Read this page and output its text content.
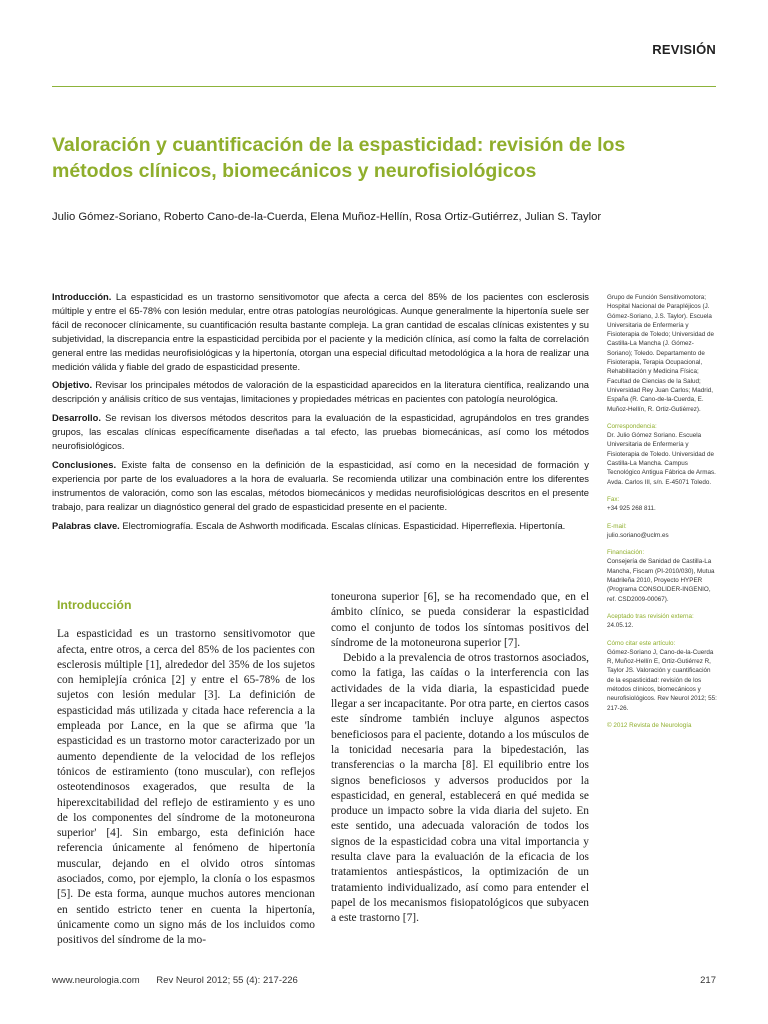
REVISIÓN
Valoración y cuantificación de la espasticidad: revisión de los métodos clínicos, biomecánicos y neurofisiológicos
Julio Gómez-Soriano, Roberto Cano-de-la-Cuerda, Elena Muñoz-Hellín, Rosa Ortiz-Gutiérrez, Julian S. Taylor

Introducción. La espasticidad es un trastorno sensitivomotor que afecta a cerca del 85% de los pacientes con esclerosis múltiple y entre el 65-78% con lesión medular, entre otras patologías neurológicas. Aunque generalmente la hipertonía suele ser fácil de reconocer clínicamente, su cuantificación resulta bastante compleja. La gran cantidad de escalas clínicas existentes y su subjetividad, la discrepancia entre la espasticidad percibida por el paciente y la medición clínica, así como la falta de correlación general entre las medidas neurofisiológicas y la hipertonía, otorgan una especial dificultad metodológica a la hora de realizar una medición válida y fiable del grado de espasticidad presente.

Objetivo. Revisar los principales métodos de valoración de la espasticidad aparecidos en la literatura científica, realizando una descripción y análisis crítico de sus ventajas, limitaciones y propiedades métricas en pacientes con patología neurológica.

Desarrollo. Se revisan los diversos métodos descritos para la evaluación de la espasticidad, agrupándolos en tres grandes grupos, las escalas clínicas específicamente diseñadas a tal efecto, las pruebas biomecánicas, así como los métodos neurofisiológicos.

Conclusiones. Existe falta de consenso en la definición de la espasticidad, así como en la necesidad de formación y experiencia por parte de los evaluadores a la hora de evaluarla. Se recomienda utilizar una combinación entre los diferentes instrumentos de valoración, como son las escalas, métodos biomecánicos y medidas neurofisiológicas descritos en el presente trabajo, para realizar un diagnóstico general del grado de espasticidad presente en el paciente.

Palabras clave. Electromiografía. Escala de Ashworth modificada. Escalas clínicas. Espasticidad. Hiperreflexia. Hipertonía.

Grupo de Función Sensitivomotora; Hospital Nacional de Parapléjicos (J. Gómez-Soriano, J.S. Taylor). Escuela Universitaria de Enfermería y Fisioterapia de Toledo; Universidad de Castilla-La Mancha (J. Gómez-Soriano); Toledo. Departamento de Fisioterapia, Terapia Ocupacional, Rehabilitación y Medicina Física; Facultad de Ciencias de la Salud; Universidad Rey Juan Carlos; Madrid, España (R. Cano-de-la-Cuerda, E. Muñoz-Hellín, R. Ortiz-Gutiérrez).
Correspondencia:
Dr. Julio Gómez Soriano. Escuela Universitaria de Enfermería y Fisioterapia de Toledo. Universidad de Castilla-La Mancha. Campus Tecnológico Antigua Fábrica de Armas. Avda. Carlos III, s/n. E-45071 Toledo.
Fax:
+34 925 268 811.
E-mail:
julio.soriano@uclm.es
Financiación:
Consejería de Sanidad de Castilla-La Mancha, Fiscam (PI-2010/030), Mutua Madrileña 2010, Proyecto HYPER (Programa CONSOLIDER-INGENIO, ref. CSD2009-00067).
Aceptado tras revisión externa:
24.05.12.
Cómo citar este artículo:
Gómez-Soriano J, Cano-de-la-Cuerda R, Muñoz-Hellín E, Ortiz-Gutiérrez R, Taylor JS. Valoración y cuantificación de la espasticidad: revisión de los métodos clínicos, biomecánicos y neurofisiológicos. Rev Neurol 2012; 55: 217-26.
© 2012 Revista de Neurología
Introducción

La espasticidad es un trastorno sensitivomotor que afecta, entre otros, a cerca del 85% de los pacientes con esclerosis múltiple [1], alrededor del 35% de los sujetos con hemiplejía crónica [2] y entre el 65-78% de los sujetos con lesión medular [3]. La definición de espasticidad más utilizada y citada hace referencia a la empleada por Lance, en la que se afirma que 'la espasticidad es un trastorno motor caracterizado por un aumento dependiente de la velocidad de los reflejos tónicos de estiramiento (tono muscular), con reflejos osteotendinosos exagerados, que resulta de la hiperexcitabilidad del reflejo de estiramiento y es uno de los componentes del síndrome de la motoneurona superior' [4]. Sin embargo, esta definición hace referencia únicamente al fenómeno de hipertonía muscular, dejando en el olvido otros síntomas asociados, como, por ejemplo, la clonía o los espasmos [5]. De esta forma, aunque muchos autores mencionan en sentido estricto tener en cuenta la hipertonía, únicamente como un signo más de los incluidos como positivos del síndrome de la mo-

toneurona superior [6], se ha recomendado que, en el ámbito clínico, se pueda considerar la espasticidad como el conjunto de todos los síntomas positivos del síndrome de la motoneurona superior [7].

Debido a la prevalencia de otros trastornos asociados, como la fatiga, las caídas o la interferencia con las actividades de la vida diaria, la espasticidad puede llegar a ser incapacitante. Por otra parte, en ciertos casos este síndrome también incluye algunos aspectos beneficiosos para el paciente, dotando a los músculos de la tonicidad necesaria para la bipedestación, las transferencias o la marcha [8]. El equilibrio entre los signos beneficiosos y adversos producidos por la espasticidad, en general, establecerá en qué medida se produce un impacto sobre la vida diaria del sujeto. En este sentido, una adecuada valoración de todos los signos de la espasticidad cobra una vital importancia y resulta clave para la evaluación de la eficacia de los tratamientos antiespásticos, la optimización de un tratamiento individualizado, así como para entender el papel de los mecanismos fisiopatológicos que subyacen a este trastorno [7].

www.neurologia.com Rev Neurol 2012; 55 (4): 217-226	217
